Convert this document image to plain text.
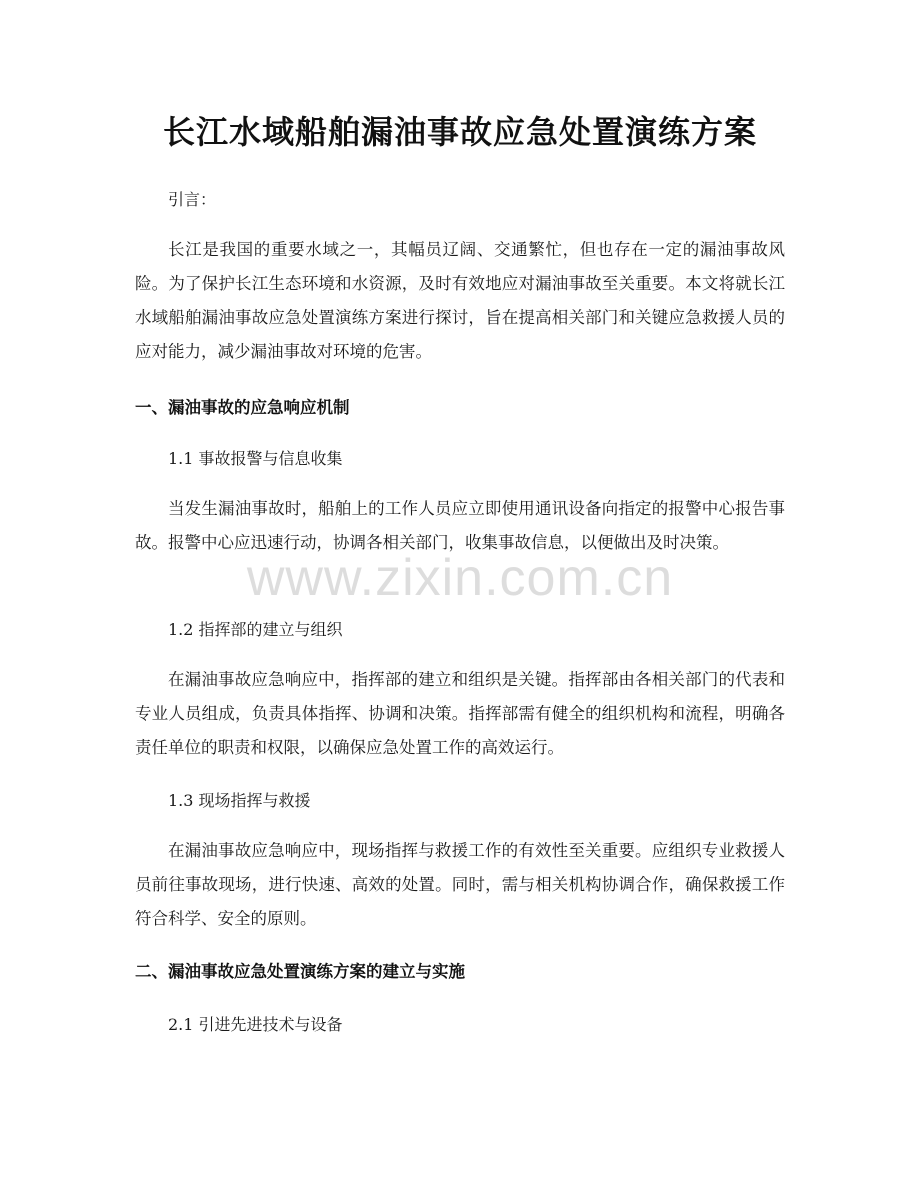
长江水域船舶漏油事故应急处置演练方案
引言：
长江是我国的重要水域之一，其幅员辽阔、交通繁忙，但也存在一定的漏油事故风险。为了保护长江生态环境和水资源，及时有效地应对漏油事故至关重要。本文将就长江水域船舶漏油事故应急处置演练方案进行探讨，旨在提高相关部门和关键应急救援人员的应对能力，减少漏油事故对环境的危害。
一、漏油事故的应急响应机制
1.1 事故报警与信息收集
当发生漏油事故时，船舶上的工作人员应立即使用通讯设备向指定的报警中心报告事故。报警中心应迅速行动，协调各相关部门，收集事故信息，以便做出及时决策。
1.2 指挥部的建立与组织
在漏油事故应急响应中，指挥部的建立和组织是关键。指挥部由各相关部门的代表和专业人员组成，负责具体指挥、协调和决策。指挥部需有健全的组织机构和流程，明确各责任单位的职责和权限，以确保应急处置工作的高效运行。
1.3 现场指挥与救援
在漏油事故应急响应中，现场指挥与救援工作的有效性至关重要。应组织专业救援人员前往事故现场，进行快速、高效的处置。同时，需与相关机构协调合作，确保救援工作符合科学、安全的原则。
二、漏油事故应急处置演练方案的建立与实施
2.1 引进先进技术与设备
www.zixin.com.cn
